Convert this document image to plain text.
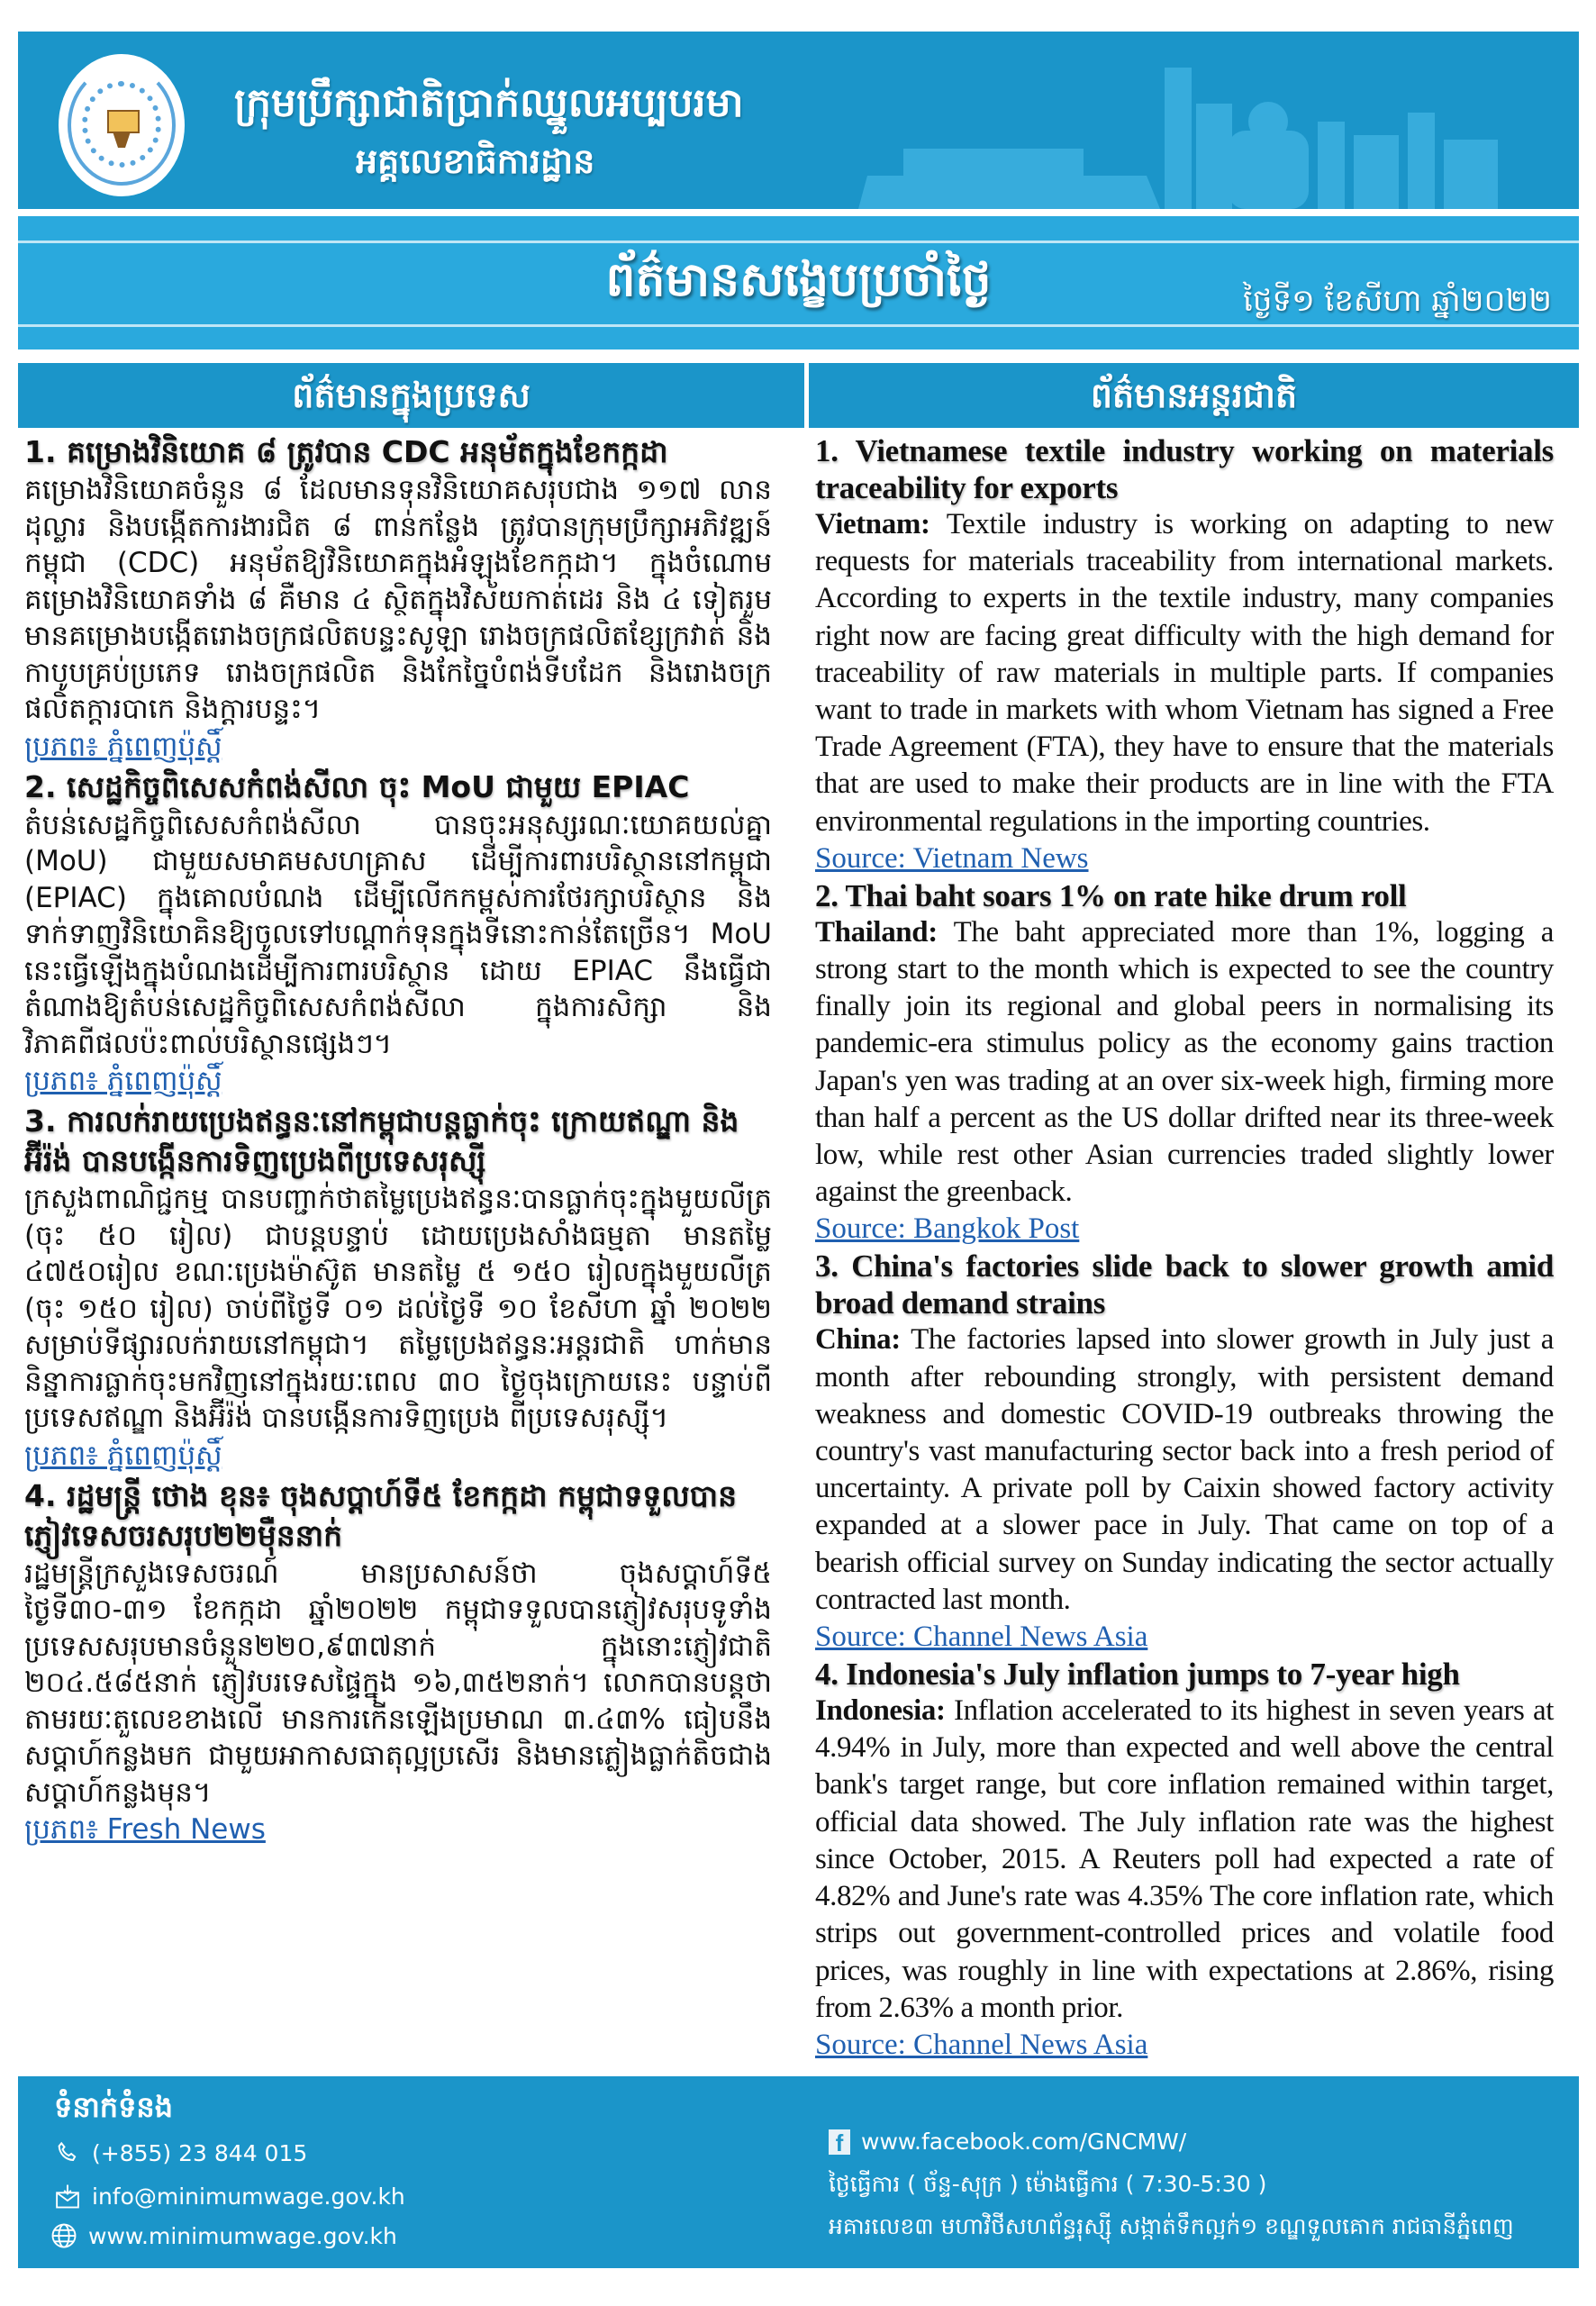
ក្រុមប្រឹក្សាជាតិប្រាក់ឈ្នួលអប្បបរមា
អគ្គលេខាធិការដ្ឋាន
ព័ត៌មានសង្ខេបប្រចាំថ្ងៃ	ថ្ងៃទី១ ខែសីហា ឆ្នាំ២០២២
ព័ត៌មានក្នុងប្រទេស	ព័ត៌មានអន្តរជាតិ
1. គម្រោងវិនិយោគ ៨ ត្រូវបាន CDC អនុម័តក្នុងខែកក្កដា

គម្រោងវិនិយោគចំនួន ៨ ដែលមានទុនវិនិយោគសរុបជាង ១១៧ លានដុល្លារ និងបង្កើតការងារជិត ៨ ពាន់កន្លែង ត្រូវបានក្រុមប្រឹក្សាអភិវឌ្ឍន៍កម្ពុជា (CDC) អនុម័តឱ្យវិនិយោគក្នុងអំឡុងខែកក្កដា។ ក្នុងចំណោមគម្រោងវិនិយោគទាំង ៨ គឺមាន ៤ ស្ថិតក្នុងវិស័យកាត់ដេរ និង ៤ ទៀតរួមមានគម្រោងបង្កើតរោងចក្រផលិតបន្ទះសូឡា រោងចក្រផលិតខ្សែក្រវាត់ និងកាបូបគ្រប់ប្រភេទ រោងចក្រផលិត និងកែច្នៃបំពង់ទីបដែក និងរោងចក្រផលិតក្តារបាកេ និងក្តារបន្ទះ។

ប្រភព៖ ភ្នំពេញប៉ុស្តិ៍
2. សេដ្ឋកិច្ចពិសេសកំពង់សីលា ចុះ MoU ជាមួយ EPIAC

តំបន់សេដ្ឋកិច្ចពិសេសកំពង់សីលា បានចុះអនុស្សរណៈយោគយល់គ្នា (MoU) ជាមួយសមាគមសហគ្រាស ដើម្បីការពារបរិស្ថាននៅកម្ពុជា (EPIAC) ក្នុងគោលបំណង ដើម្បីលើកកម្ពស់ការថែរក្សាបរិស្ថាន និងទាក់ទាញវិនិយោគិនឱ្យចូលទៅបណ្តាក់ទុនក្នុងទីនោះកាន់តែច្រើន។ MoU នេះធ្វើឡើងក្នុងបំណងដើម្បីការពារបរិស្ថាន ដោយ EPIAC នឹងធ្វើជាតំណាងឱ្យតំបន់សេដ្ឋកិច្ចពិសេសកំពង់សីលា ក្នុងការសិក្សា និងវិភាគពីផលប៉ះពាល់បរិស្ថានផ្សេងៗ។

ប្រភព៖ ភ្នំពេញប៉ុស្តិ៍
3. ការលក់រាយប្រេងឥន្ធនៈនៅកម្ពុជាបន្តធ្លាក់ចុះ ក្រោយឥណ្ឌា និងអ៊ីរ៉ង់ បានបង្កើនការទិញប្រេងពីប្រទេសរុស្ស៊ី

ក្រសួងពាណិជ្ជកម្ម បានបញ្ជាក់ថាតម្លៃប្រេងឥន្ធនៈបានធ្លាក់ចុះក្នុងមួយលីត្រ (ចុះ ៥០ រៀល) ជាបន្តបន្ទាប់ ដោយប្រេងសាំងធម្មតា មានតម្លៃ ៤៧៥០រៀល ខណៈប្រេងម៉ាស៊ូត មានតម្លៃ ៥ ១៥០ រៀលក្នុងមួយលីត្រ (ចុះ ១៥០ រៀល) ចាប់ពីថ្ងៃទី ០១ ដល់ថ្ងៃទី ១០ ខែសីហា ឆ្នាំ ២០២២ សម្រាប់ទីផ្សារលក់រាយនៅកម្ពុជា។ តម្លៃប្រេងឥន្ធនៈអន្តរជាតិ ហាក់មាននិន្នាការធ្លាក់ចុះមកវិញនៅក្នុងរយៈពេល ៣០ ថ្ងៃចុងក្រោយនេះ បន្ទាប់ពីប្រទេសឥណ្ឌា និងអ៊ីរ៉ង់ បានបង្កើនការទិញប្រេង ពីប្រទេសរុស្ស៊ី។

ប្រភព៖ ភ្នំពេញប៉ុស្តិ៍
4. រដ្ឋមន្ត្រី ថោង ខុន៖ ចុងសប្តាហ៍ទី៥ ខែកក្កដា កម្ពុជាទទួលបានភ្ញៀវទេសចរសរុប២២ម៉ឺននាក់

រដ្ឋមន្ត្រីក្រសួងទេសចរណ៍ មានប្រសាសន៍ថា ចុងសប្តាហ៍ទី៥ ថ្ងៃទី៣០-៣១ ខែកក្កដា ឆ្នាំ២០២២ កម្ពុជាទទួលបានភ្ញៀវសរុបទូទាំងប្រទេសសរុបមានចំនួន២២០,៩៣៧នាក់ ក្នុងនោះភ្ញៀវជាតិ ២០៤.៥៨៥នាក់ ភ្ញៀវបរទេសផ្ទៃក្នុង ១៦,៣៥២នាក់។ លោកបានបន្តថា តាមរយៈតួលេខខាងលើ មានការកើនឡើងប្រមាណ ៣.៤៣% ធៀបនឹងសប្តាហ៍កន្លងមក ជាមួយអាកាសធាតុល្អប្រសើរ និងមានភ្លៀងធ្លាក់តិចជាងសប្តាហ៍កន្លងមុន។

ប្រភព៖ Fresh News
1. Vietnamese textile industry working on materials traceability for exports

Vietnam: Textile industry is working on adapting to new requests for materials traceability from international markets. According to experts in the textile industry, many companies right now are facing great difficulty with the high demand for traceability of raw materials in multiple parts. If companies want to trade in markets with whom Vietnam has signed a Free Trade Agreement (FTA), they have to ensure that the materials that are used to make their products are in line with the FTA environmental regulations in the importing countries.

Source: Vietnam News
2. Thai baht soars 1% on rate hike drum roll

Thailand: The baht appreciated more than 1%, logging a strong start to the month which is expected to see the country finally join its regional and global peers in normalising its pandemic-era stimulus policy as the economy gains traction Japan's yen was trading at an over six-week high, firming more than half a percent as the US dollar drifted near its three-week low, while rest other Asian currencies traded slightly lower against the greenback.

Source: Bangkok Post
3. China's factories slide back to slower growth amid broad demand strains

China: The factories lapsed into slower growth in July just a month after rebounding strongly, with persistent demand weakness and domestic COVID-19 outbreaks throwing the country's vast manufacturing sector back into a fresh period of uncertainty. A private poll by Caixin showed factory activity expanded at a slower pace in July. That came on top of a bearish official survey on Sunday indicating the sector actually contracted last month.

Source: Channel News Asia
4. Indonesia's July inflation jumps to 7-year high

Indonesia: Inflation accelerated to its highest in seven years at 4.94% in July, more than expected and well above the central bank's target range, but core inflation remained within target, official data showed. The July inflation rate was the highest since October, 2015. A Reuters poll had expected a rate of 4.82% and June's rate was 4.35% The core inflation rate, which strips out government-controlled prices and volatile food prices, was roughly in line with expectations at 2.86%, rising from 2.63% a month prior.

Source: Channel News Asia
ទំនាក់ទំនង
(+855) 23 844 015
info@minimumwage.gov.kh
www.minimumwage.gov.kh
f www.facebook.com/GNCMW/
ថ្ងៃធ្វើការ ( ច័ន្ទ-សុក្រ ) ម៉ោងធ្វើការ ( 7:30-5:30 )
អគារលេខ៣ មហាវិថីសហព័ន្ធរុស្ស៊ី សង្កាត់ទឹកល្អក់១ ខណ្ឌទួលគោក រាជធានីភ្នំពេញ
